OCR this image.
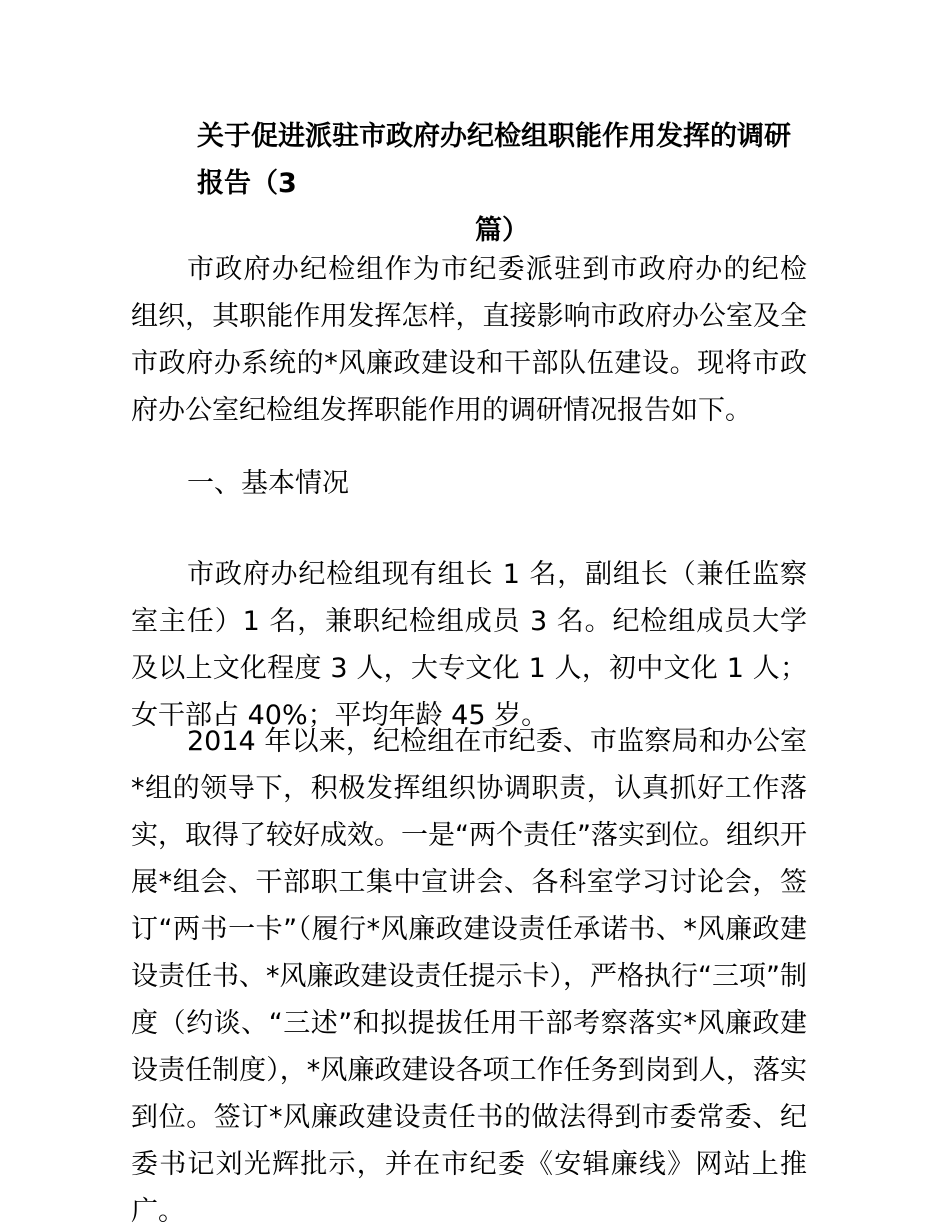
关于促进派驻市政府办纪检组职能作用发挥的调研报告（3
篇）

市政府办纪检组作为市纪委派驻到市政府办的纪检组织，其职能作用发挥怎样，直接影响市政府办公室及全市政府办系统的*风廉政建设和干部队伍建设。现将市政府办公室纪检组发挥职能作用的调研情况报告如下。

一、基本情况

市政府办纪检组现有组长 1 名，副组长（兼任监察室主任）1 名，兼职纪检组成员 3 名。纪检组成员大学及以上文化程度 3 人，大专文化 1 人，初中文化 1 人；女干部占 40%；平均年龄 45 岁。

2014 年以来，纪检组在市纪委、市监察局和办公室*组的领导下，积极发挥组织协调职责，认真抓好工作落实，取得了较好成效。一是“两个责任”落实到位。组织开展*组会、干部职工集中宣讲会、各科室学习讨论会，签订“两书一卡”（履行*风廉政建设责任承诺书、*风廉政建设责任书、*风廉政建设责任提示卡），严格执行“三项”制度（约谈、“三述”和拟提拔任用干部考察落实*风廉政建设责任制度），*风廉政建设各项工作任务到岗到人，落实到位。签订*风廉政建设责任书的做法得到市委常委、纪委书记刘光辉批示，并在市纪委《安辑廉线》网站上推广。
